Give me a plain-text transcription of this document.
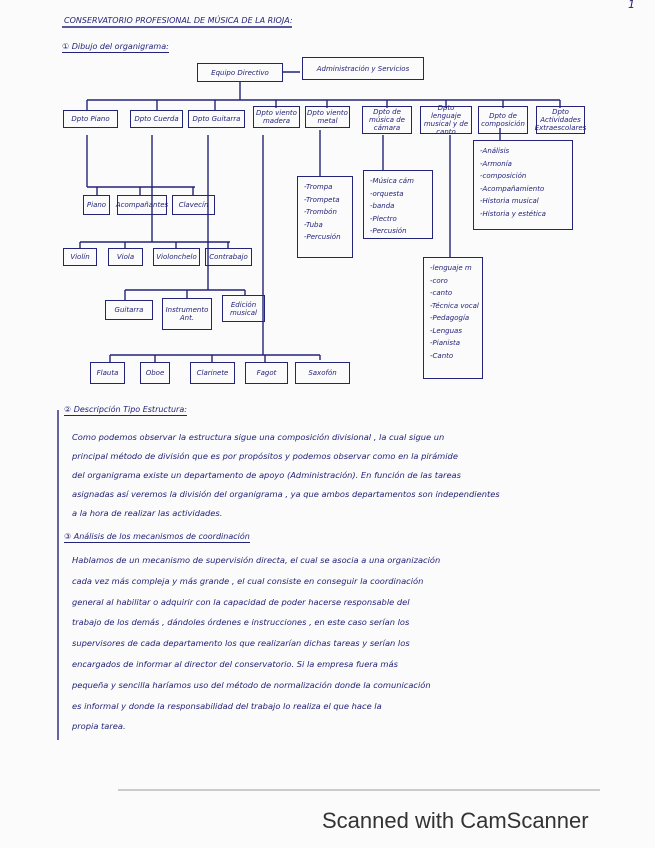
1
CONSERVATORIO PROFESIONAL DE MÚSICA DE LA RIOJA:
① Dibujo del organigrama:
Equipo Directivo	Administración y Servicios
Dpto Piano	Dpto Cuerda	Dpto Guitarra
Dpto viento madera
Dpto viento metal
Dpto de música de cámara
Dpto lenguaje musical y de canto
Dpto de composición
Dpto Actividades Extraescolares
Piano	Acompañantes	Clavecín
Violín	Viola	Violonchelo	Contrabajo
Guitarra	Instrumento Ant.
Edición musical
Flauta	Oboe	Clarinete	Fagot	Saxofón
-Trompa
-Trompeta
-Trombón
-Tuba
-Percusión
-Música cám
-orquesta
-banda
-Plectro
-Percusión
-Análisis
-Armonía
-composición
-Acompañamiento
-Historia musical
-Historia y estética
-lenguaje m
-coro
-canto
-Técnica vocal
-Pedagogía
-Lenguas
-Pianista
-Canto
② Descripción Tipo Estructura:
Como podemos observar la estructura sigue una composición divisional , la cual sigue un
principal método de división que es por propósitos y podemos observar como en la pirámide
del organigrama existe un departamento de apoyo (Administración). En función de las tareas
asignadas así veremos la división del organigrama , ya que ambos departamentos son independientes
a la hora de realizar las actividades.
③ Análisis de los mecanismos de coordinación
Hablamos de un mecanismo de supervisión directa, el cual se asocia a una organización
cada vez más compleja y más grande , el cual consiste en conseguir la coordinación
general al habilitar o adquirir con la capacidad de poder hacerse responsable del
trabajo de los demás , dándoles órdenes e instrucciones , en este caso serían los
supervisores de cada departamento los que realizarían dichas tareas y serían los
encargados de informar al director del conservatorio. Si la empresa fuera más
pequeña y sencilla haríamos uso del método de normalización donde la comunicación
es informal y donde la responsabilidad del trabajo lo realiza el que hace la
propia tarea.
Scanned with CamScanner
